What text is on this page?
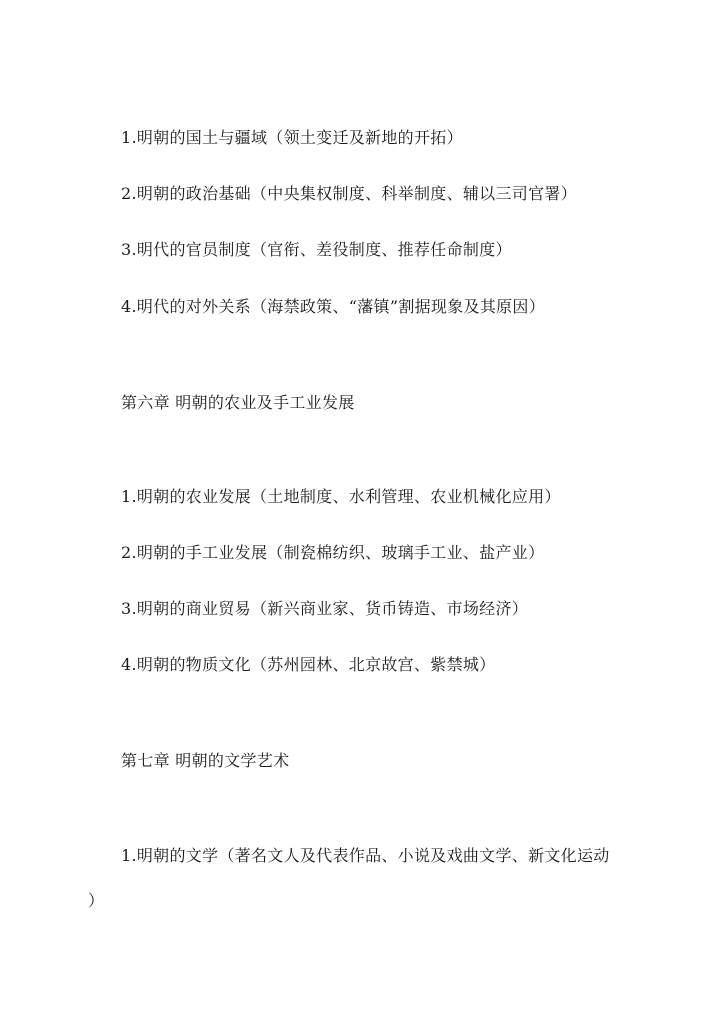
1.明朝的国土与疆域（领土变迁及新地的开拓）
2.明朝的政治基础（中央集权制度、科举制度、辅以三司官署）
3.明代的官员制度（官衔、差役制度、推荐任命制度）
4.明代的对外关系（海禁政策、“藩镇”割据现象及其原因）
第六章 明朝的农业及手工业发展
1.明朝的农业发展（土地制度、水利管理、农业机械化应用）
2.明朝的手工业发展（制瓷棉纺织、玻璃手工业、盐产业）
3.明朝的商业贸易（新兴商业家、货币铸造、市场经济）
4.明朝的物质文化（苏州园林、北京故宫、紫禁城）
第七章 明朝的文学艺术
1.明朝的文学（著名文人及代表作品、小说及戏曲文学、新文化运动
）
